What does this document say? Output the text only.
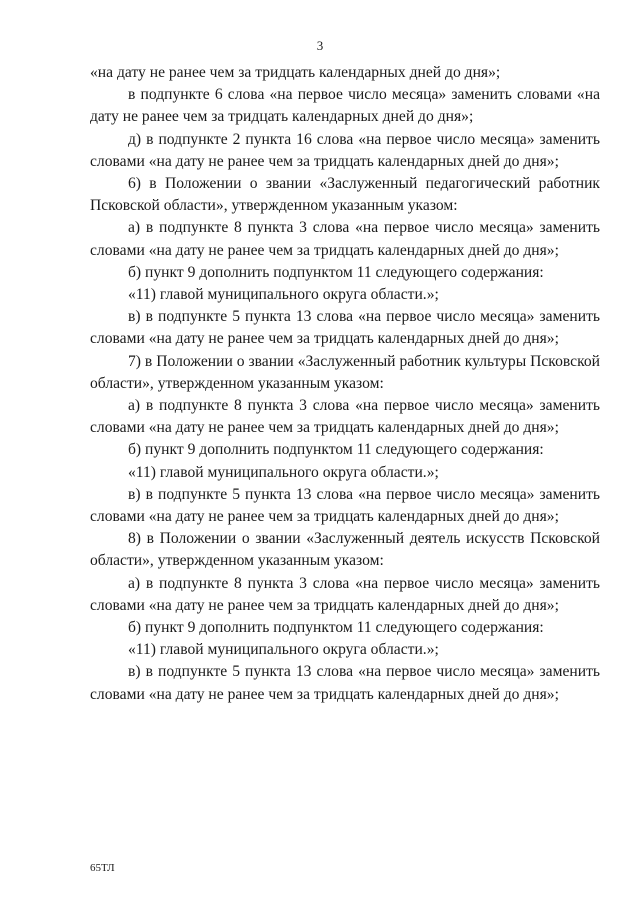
3

«на дату не ранее чем за тридцать календарных дней до дня»;

в подпункте 6 слова «на первое число месяца» заменить словами «на дату не ранее чем за тридцать календарных дней до дня»;

д) в подпункте 2 пункта 16 слова «на первое число месяца» заменить словами «на дату не ранее чем за тридцать календарных дней до дня»;

6) в Положении о звании «Заслуженный педагогический работник Псковской области», утвержденном указанным указом:

а) в подпункте 8 пункта 3 слова «на первое число месяца» заменить словами «на дату не ранее чем за тридцать календарных дней до дня»;

б) пункт 9 дополнить подпунктом 11 следующего содержания:

«11) главой муниципального округа области.»;

в) в подпункте 5 пункта 13 слова «на первое число месяца» заменить словами «на дату не ранее чем за тридцать календарных дней до дня»;

7) в Положении о звании «Заслуженный работник культуры Псковской области», утвержденном указанным указом:

а) в подпункте 8 пункта 3 слова «на первое число месяца» заменить словами «на дату не ранее чем за тридцать календарных дней до дня»;

б) пункт 9 дополнить подпунктом 11 следующего содержания:

«11) главой муниципального округа области.»;

в) в подпункте 5 пункта 13 слова «на первое число месяца» заменить словами «на дату не ранее чем за тридцать календарных дней до дня»;

8) в Положении о звании «Заслуженный деятель искусств Псковской области», утвержденном указанным указом:

а) в подпункте 8 пункта 3 слова «на первое число месяца» заменить словами «на дату не ранее чем за тридцать календарных дней до дня»;

б) пункт 9 дополнить подпунктом 11 следующего содержания:

«11) главой муниципального округа области.»;

в) в подпункте 5 пункта 13 слова «на первое число месяца» заменить словами «на дату не ранее чем за тридцать календарных дней до дня»;

65ТЛ
